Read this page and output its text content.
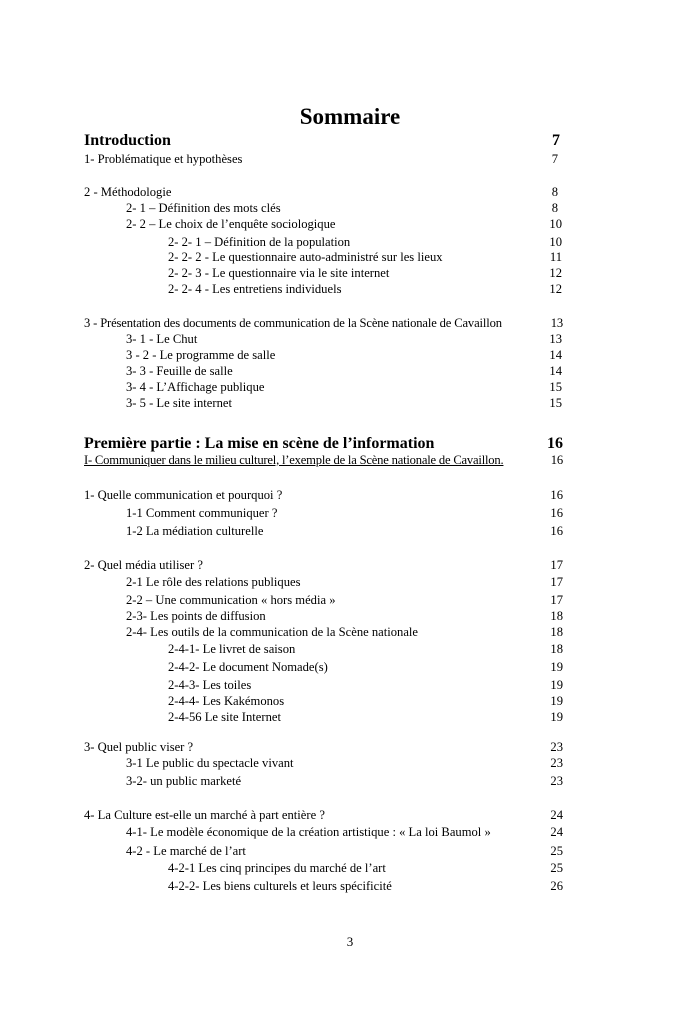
Sommaire
Introduction	7
1- Problématique et hypothèses	7
2 - Méthodologie	8
2- 1 – Définition des mots clés	8
2- 2 – Le choix de l’enquête sociologique	10
2- 2- 1 – Définition de la population	10
2- 2- 2 - Le questionnaire auto-administré sur les lieux	11
2- 2- 3 - Le questionnaire via le site internet	12
2- 2- 4 - Les entretiens individuels	12
3 - Présentation des documents de communication de la Scène nationale de Cavaillon	13
3- 1 - Le Chut	13
3 - 2 - Le programme de salle	14
3- 3 - Feuille de salle	14
3- 4 - L’Affichage publique	15
3- 5 - Le site internet	15
Première partie : La mise en scène de l’information	16
I- Communiquer dans le milieu culturel, l’exemple de la Scène nationale de Cavaillon.	16
1- Quelle communication et pourquoi ?	16
1-1 Comment communiquer ?	16
1-2 La médiation culturelle	16
2- Quel média utiliser ?	17
2-1 Le rôle des relations publiques	17
2-2 – Une communication « hors média »	17
2-3- Les points de diffusion	18
2-4- Les outils de la communication de la Scène nationale	18
2-4-1- Le livret de saison	18
2-4-2- Le document Nomade(s)	19
2-4-3- Les toiles	19
2-4-4- Les Kakémonos	19
2-4-56 Le site Internet	19
3- Quel public viser ?	23
3-1 Le public du spectacle vivant	23
3-2- un public marketé	23
4- La Culture est-elle un marché à part entière ?	24
4-1- Le modèle économique de la création artistique : « La loi Baumol »	24
4-2 - Le marché de l’art	25
4-2-1 Les cinq principes du marché de l’art	25
4-2-2- Les biens culturels et leurs spécificité	26
3
